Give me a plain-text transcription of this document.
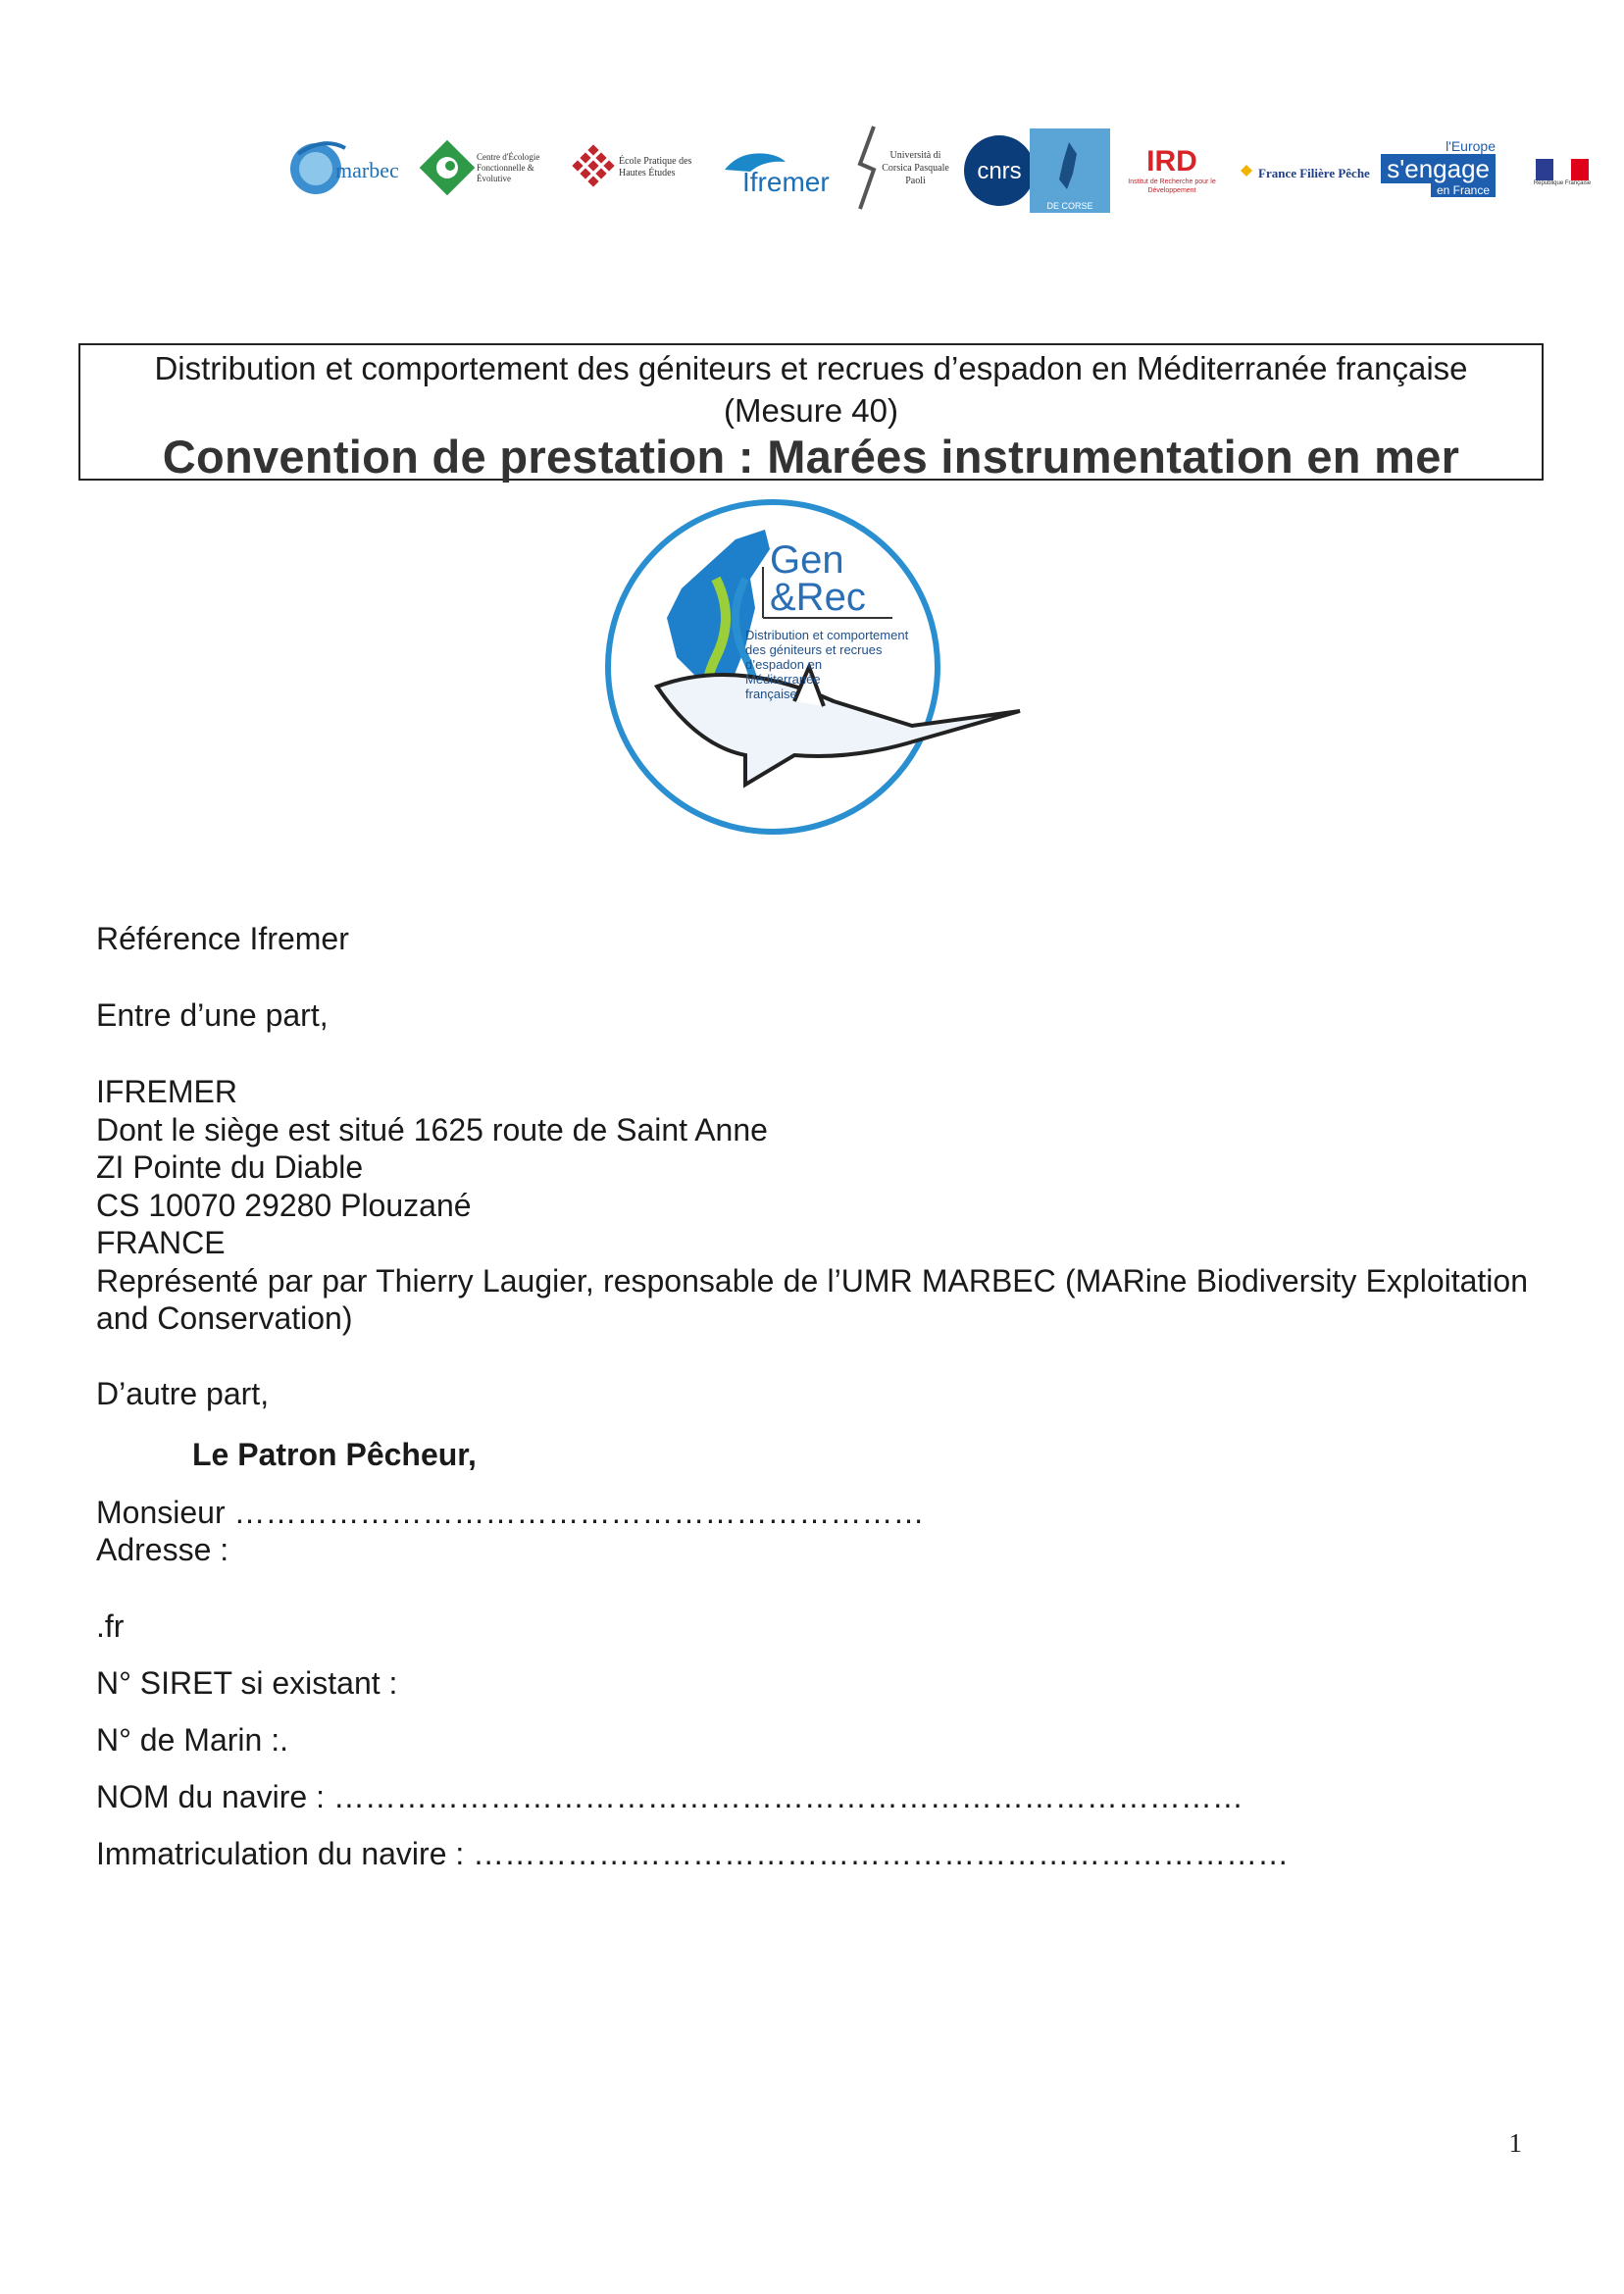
marbec
Centre d'Écologie Fonctionnelle & Évolutive
École Pratique des Hautes Études	Ifremer
Università di Corsica Pasquale Paoli	cnrs
DE CORSE
IRD
Institut de Recherche pour le Développement
France Filière Pêche
l'Europe
s'engage
en France
République Française
Distribution et comportement des géniteurs et recrues d’espadon en Méditerranée française
(Mesure 40)
Convention de prestation : Marées instrumentation en mer
Gen
&Rec
Distribution et comportement
des géniteurs et recrues
d’espadon en
Méditerranée
française
Référence Ifremer
Entre d’une part,
IFREMER
Dont le siège est situé 1625 route de Saint Anne
ZI Pointe du Diable
CS 10070 29280 Plouzané
FRANCE
Représenté par par Thierry Laugier, responsable de l’UMR MARBEC (MARine Biodiversity Exploitation and Conservation)
D’autre part,
Le Patron Pêcheur,
Monsieur …………………………………………………………
Adresse :
.fr
N° SIRET si existant :
N° de Marin :.
NOM du navire : ……………………………………………………………………………
Immatriculation du navire : ……………………………………………………………………
1
